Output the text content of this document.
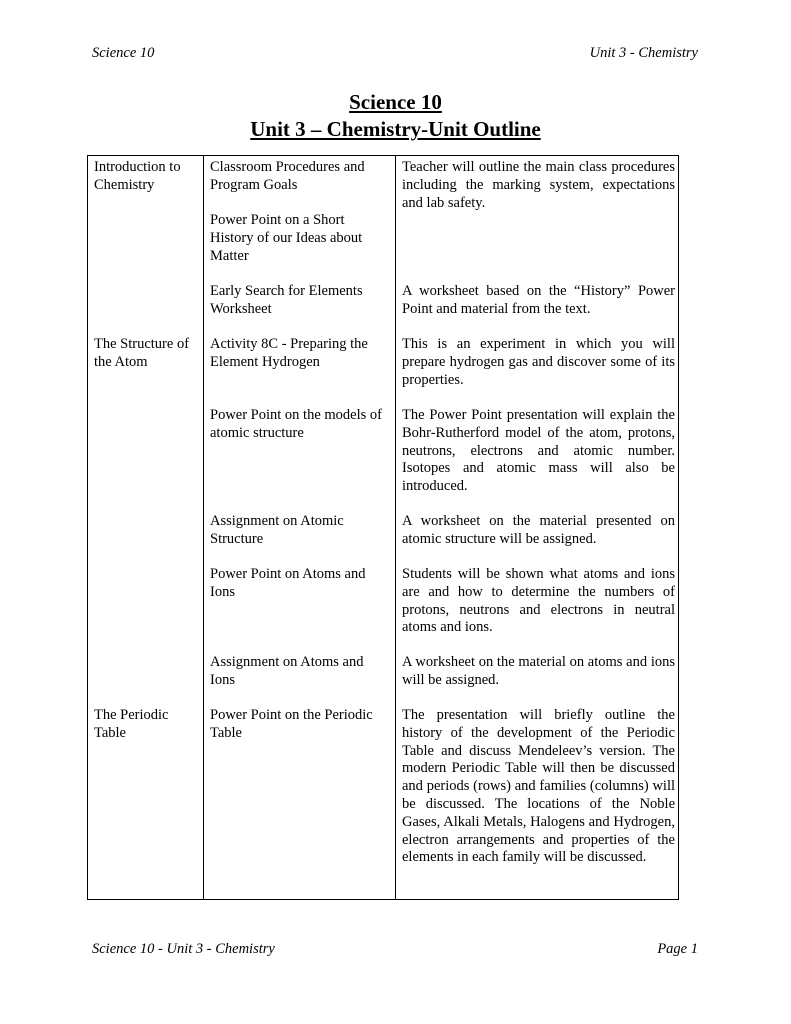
Science 10	Unit 3 - Chemistry
Science 10
Unit 3 – Chemistry-Unit Outline
Introduction to Chemistry
The Structure of the Atom
The Periodic Table
Classroom Procedures and Program Goals
Power Point on a Short History of our Ideas about Matter
Early Search for Elements Worksheet
Activity 8C - Preparing the Element Hydrogen
Power Point on the models of atomic structure
Assignment on Atomic Structure
Power Point on Atoms and Ions
Assignment on Atoms and Ions
Power Point on the Periodic Table
Teacher will outline the main class procedures including the marking system, expectations and lab safety.
A worksheet based on the “History” Power Point and material from the text.
This is an experiment in which you will prepare hydrogen gas and discover some of its properties.
The Power Point presentation will explain the Bohr-Rutherford model of the atom, protons, neutrons, electrons and atomic number. Isotopes and atomic mass will also be introduced.
A worksheet on the material presented on atomic structure will be assigned.
Students will be shown what atoms and ions are and how to determine the numbers of protons, neutrons and electrons in neutral atoms and ions.
A worksheet on the material on atoms and ions will be assigned.
The presentation will briefly outline the history of the development of the Periodic Table and discuss Mendeleev’s version. The modern Periodic Table will then be discussed and periods (rows) and families (columns) will be discussed. The locations of the Noble Gases, Alkali Metals, Halogens and Hydrogen, electron arrangements and properties of the elements in each family will be discussed.
Science 10 - Unit 3 - Chemistry	Page 1
